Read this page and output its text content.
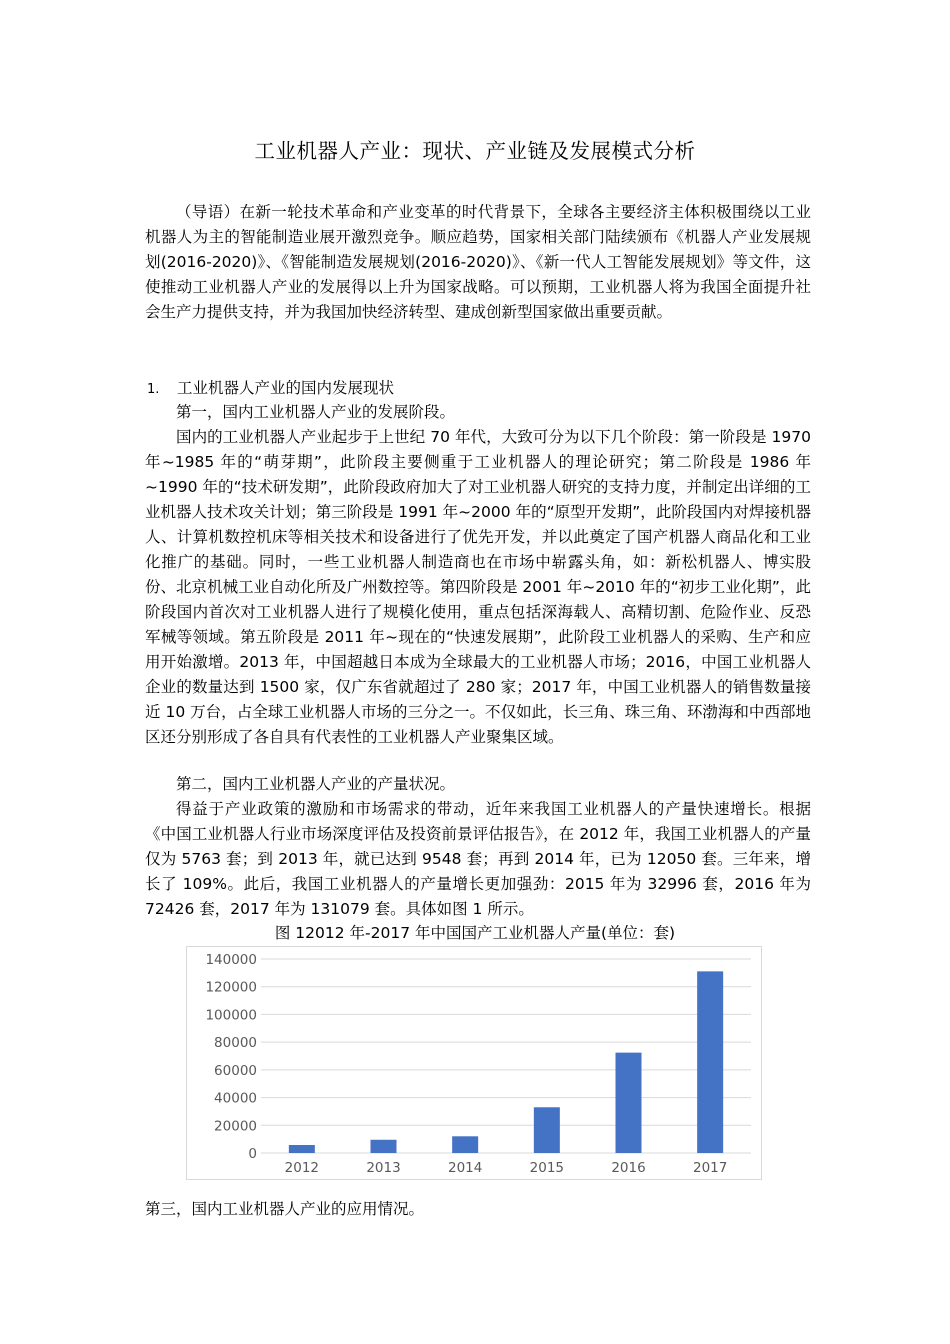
工业机器人产业：现状、产业链及发展模式分析

（导语）在新一轮技术革命和产业变革的时代背景下，全球各主要经济主体积极围绕以工业机器人为主的智能制造业展开激烈竞争。顺应趋势，国家相关部门陆续颁布《机器人产业发展规划(2016-2020)》、《智能制造发展规划(2016-2020)》、《新一代人工智能发展规划》等文件，这使推动工业机器人产业的发展得以上升为国家战略。可以预期，工业机器人将为我国全面提升社会生产力提供支持，并为我国加快经济转型、建成创新型国家做出重要贡献。

1. 工业机器人产业的国内发展现状

第一，国内工业机器人产业的发展阶段。

国内的工业机器人产业起步于上世纪 70 年代，大致可分为以下几个阶段：第一阶段是 1970 年~1985 年的“萌芽期”，此阶段主要侧重于工业机器人的理论研究；第二阶段是 1986 年~1990 年的“技术研发期”，此阶段政府加大了对工业机器人研究的支持力度，并制定出详细的工业机器人技术攻关计划；第三阶段是 1991 年~2000 年的“原型开发期”，此阶段国内对焊接机器人、计算机数控机床等相关技术和设备进行了优先开发，并以此奠定了国产机器人商品化和工业化推广的基础。同时，一些工业机器人制造商也在市场中崭露头角，如：新松机器人、博实股份、北京机械工业自动化所及广州数控等。第四阶段是 2001 年~2010 年的“初步工业化期”，此阶段国内首次对工业机器人进行了规模化使用，重点包括深海载人、高精切割、危险作业、反恐军械等领域。第五阶段是 2011 年~现在的“快速发展期”，此阶段工业机器人的采购、生产和应用开始激增。2013 年，中国超越日本成为全球最大的工业机器人市场；2016，中国工业机器人企业的数量达到 1500 家，仅广东省就超过了 280 家；2017 年，中国工业机器人的销售数量接近 10 万台，占全球工业机器人市场的三分之一。不仅如此，长三角、珠三角、环渤海和中西部地区还分别形成了各自具有代表性的工业机器人产业聚集区域。

第二，国内工业机器人产业的产量状况。

得益于产业政策的激励和市场需求的带动，近年来我国工业机器人的产量快速增长。根据《中国工业机器人行业市场深度评估及投资前景评估报告》，在 2012 年，我国工业机器人的产量仅为 5763 套；到 2013 年，就已达到 9548 套；再到 2014 年，已为 12050 套。三年来，增长了 109%。此后，我国工业机器人的产量增长更加强劲：2015 年为 32996 套，2016 年为 72426 套，2017 年为 131079 套。具体如图 1 所示。

图 12012 年-2017 年中国国产工业机器人产量(单位：套)

0
20000
40000
60000
80000
100000
120000
140000
2012	2013	2014	2015	2016	2017

第三，国内工业机器人产业的应用情况。
